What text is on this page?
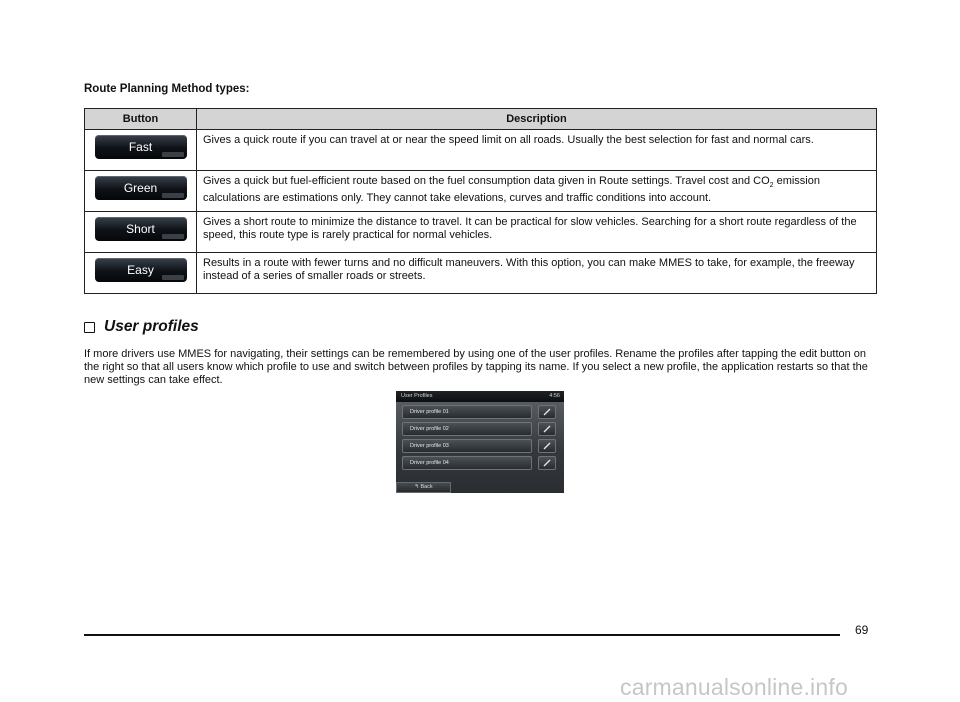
Route Planning Method types:
Button	Description
Fast	Gives a quick route if you can travel at or near the speed limit on all roads. Usually the best selection for fast and normal cars.
Green	Gives a quick but fuel-efficient route based on the fuel consumption data given in Route settings. Travel cost and $CO_2$ emission calculations are estimations only. They cannot take elevations, curves and traffic conditions into account.
Short	Gives a short route to minimize the distance to travel. It can be practical for slow vehicles. Searching for a short route regardless of the speed, this route type is rarely practical for normal vehicles.
Easy	Results in a route with fewer turns and no difficult maneuvers. With this option, you can make MMES to take, for example, the freeway instead of a series of smaller roads or streets.
User profiles
If more drivers use MMES for navigating, their settings can be remembered by using one of the user profiles. Rename the profiles after tapping the edit button on the right so that all users know which profile to use and switch between profiles by tapping its name. If you select a new profile, the application restarts so that the new settings can take effect.
User Profiles	4:56
Driver profile 01
Driver profile 02
Driver profile 03
Driver profile 04
↰ Back
69
carmanualsonline.info
